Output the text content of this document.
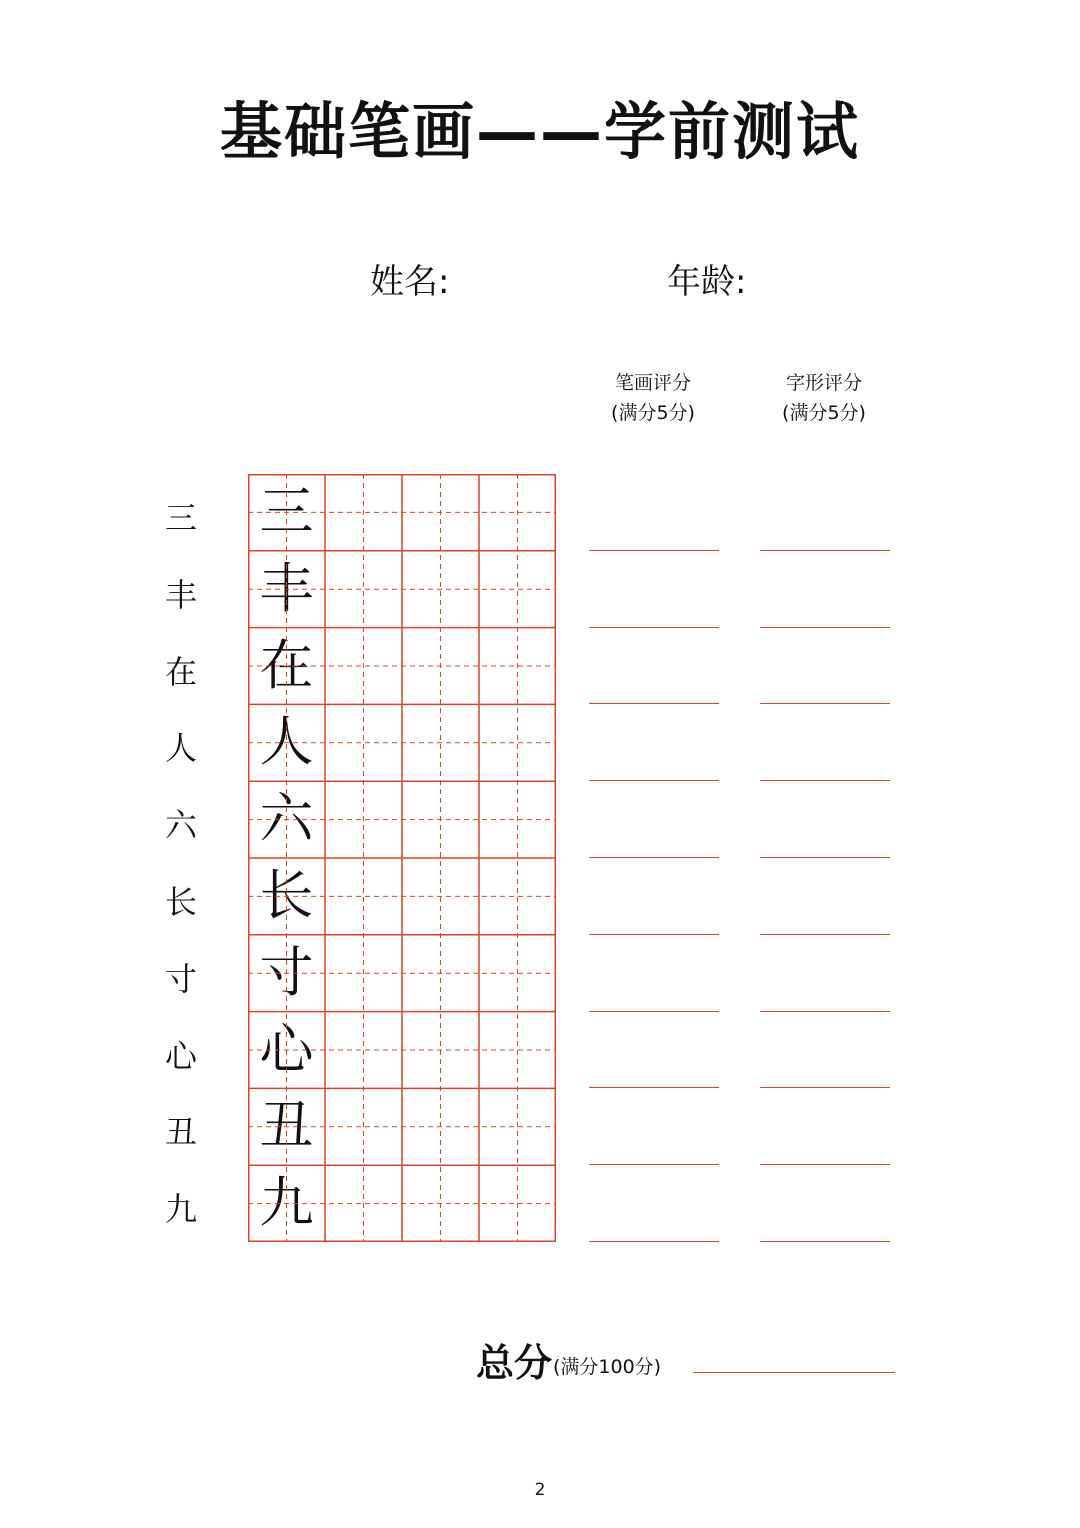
基础笔画——学前测试
姓名:	年龄:
笔画评分
(满分5分)
字形评分
(满分5分)
三 三
丰 丰
在 在
人 人
六 六
长 长
寸 寸
心 心
丑 丑
九 九
总分 (满分100分)
2
